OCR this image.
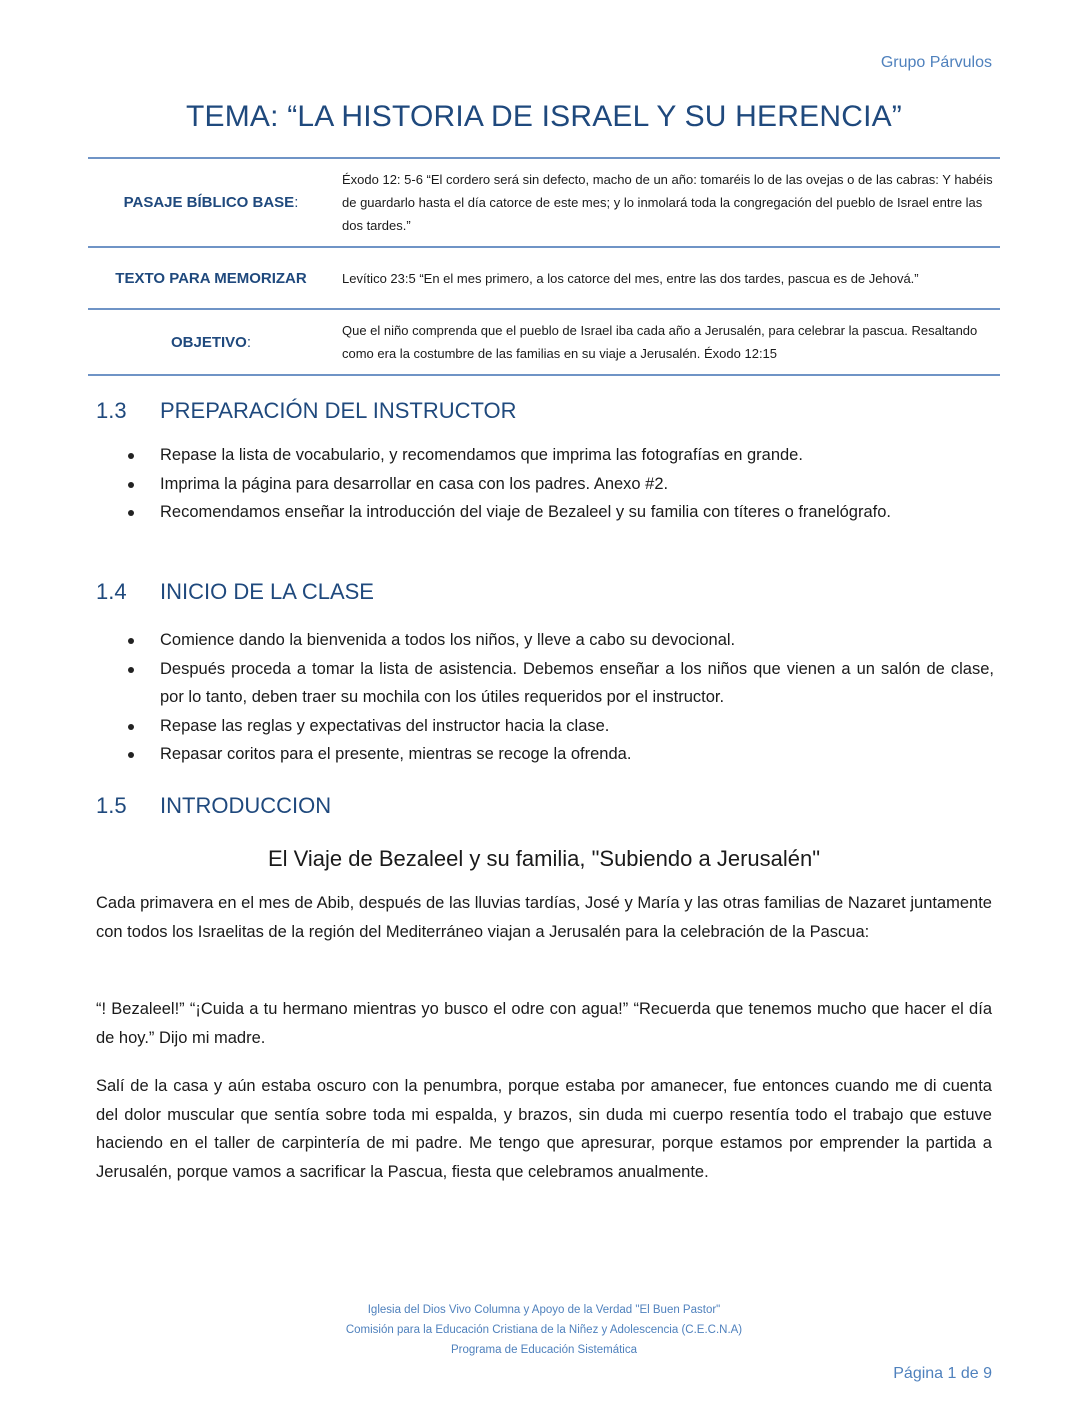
Grupo Párvulos
TEMA: “LA HISTORIA DE ISRAEL Y SU HERENCIA”
PASAJE BÍBLICO BASE:	Éxodo 12: 5-6 “El cordero será sin defecto, macho de un año: tomaréis lo de las ovejas o de las cabras: Y habéis de guardarlo hasta el día catorce de este mes; y lo inmolará toda la congregación del pueblo de Israel entre las dos tardes.”
TEXTO PARA MEMORIZAR	Levítico 23:5 “En el mes primero, a los catorce del mes, entre las dos tardes, pascua es de Jehová.”
OBJETIVO:	Que el niño comprenda que el pueblo de Israel iba cada año a Jerusalén, para celebrar la pascua. Resaltando como era la costumbre de las familias en su viaje a Jerusalén. Éxodo 12:15
1.3 PREPARACIÓN DEL INSTRUCTOR
Repase la lista de vocabulario, y recomendamos que imprima las fotografías en grande.
Imprima la página para desarrollar en casa con los padres. Anexo #2.
Recomendamos enseñar la introducción del viaje de Bezaleel y su familia con títeres o franelógrafo.
1.4 INICIO DE LA CLASE
Comience dando la bienvenida a todos los niños, y lleve a cabo su devocional.
Después proceda a tomar la lista de asistencia. Debemos enseñar a los niños que vienen a un salón de clase, por lo tanto, deben traer su mochila con los útiles requeridos por el instructor.
Repase las reglas y expectativas del instructor hacia la clase.
Repasar coritos para el presente, mientras se recoge la ofrenda.
1.5 INTRODUCCION
El Viaje de Bezaleel y su familia, "Subiendo a Jerusalén"

Cada primavera en el mes de Abib, después de las lluvias tardías, José y María y las otras familias de Nazaret juntamente con todos los Israelitas de la región del Mediterráneo viajan a Jerusalén para la celebración de la Pascua:

“! Bezaleel!” “¡Cuida a tu hermano mientras yo busco el odre con agua!” “Recuerda que tenemos mucho que hacer el día de hoy.” Dijo mi madre.

Salí de la casa y aún estaba oscuro con la penumbra, porque estaba por amanecer, fue entonces cuando me di cuenta del dolor muscular que sentía sobre toda mi espalda, y brazos, sin duda mi cuerpo resentía todo el trabajo que estuve haciendo en el taller de carpintería de mi padre. Me tengo que apresurar, porque estamos por emprender la partida a Jerusalén, porque vamos a sacrificar la Pascua, fiesta que celebramos anualmente.

Iglesia del Dios Vivo Columna y Apoyo de la Verdad "El Buen Pastor"
Comisión para la Educación Cristiana de la Niñez y Adolescencia (C.E.C.N.A)
Programa de Educación Sistemática
Página 1 de 9
